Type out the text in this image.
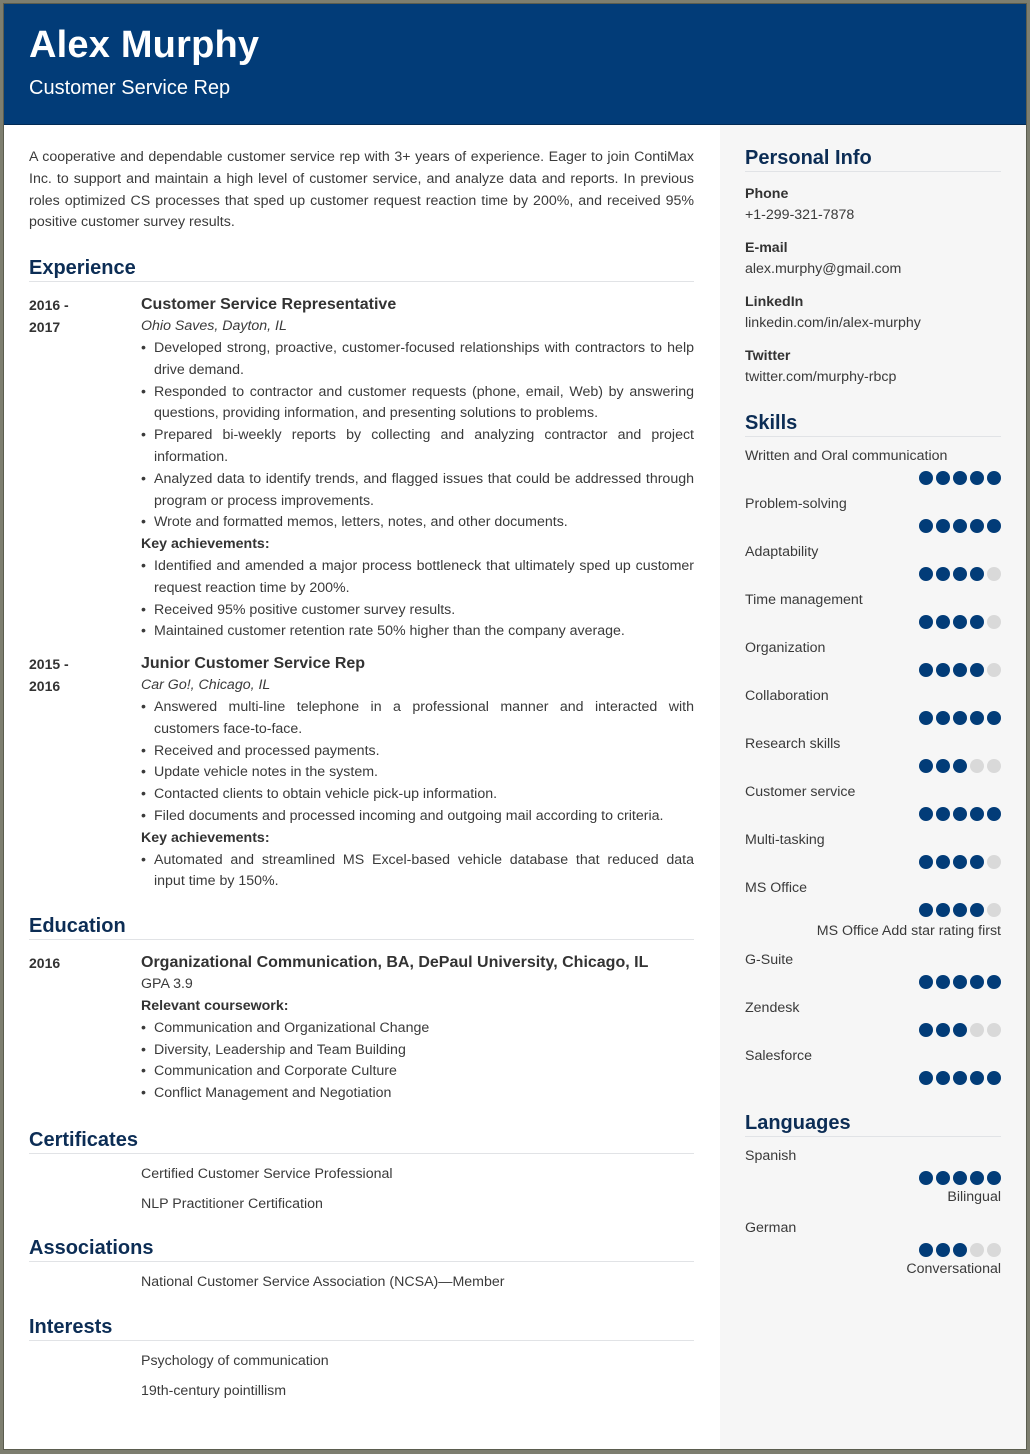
Alex Murphy
Customer Service Rep

A cooperative and dependable customer service rep with 3+ years of experience. Eager to join ContiMax Inc. to support and maintain a high level of customer service, and analyze data and reports. In previous roles optimized CS processes that sped up customer request reaction time by 200%, and received 95% positive customer survey results.

Experience
2016 -
2017
Customer Service Representative
Ohio Saves, Dayton, IL
• Developed strong, proactive, customer-focused relationships with contractors to help drive demand.
• Responded to contractor and customer requests (phone, email, Web) by answering questions, providing information, and presenting solutions to problems.
• Prepared bi-weekly reports by collecting and analyzing contractor and project information.
• Analyzed data to identify trends, and flagged issues that could be addressed through program or process improvements.
• Wrote and formatted memos, letters, notes, and other documents.
Key achievements:
• Identified and amended a major process bottleneck that ultimately sped up customer request reaction time by 200%.
• Received 95% positive customer survey results.
• Maintained customer retention rate 50% higher than the company average.
2015 -
2016
Junior Customer Service Rep
Car Go!, Chicago, IL
• Answered multi-line telephone in a professional manner and interacted with customers face-to-face.
• Received and processed payments.
• Update vehicle notes in the system.
• Contacted clients to obtain vehicle pick-up information.
• Filed documents and processed incoming and outgoing mail according to criteria.
Key achievements:
• Automated and streamlined MS Excel-based vehicle database that reduced data input time by 150%.
Education
2016	Organizational Communication, BA, DePaul University, Chicago, IL
GPA 3.9
Relevant coursework:
• Communication and Organizational Change
• Diversity, Leadership and Team Building
• Communication and Corporate Culture
• Conflict Management and Negotiation
Certificates
Certified Customer Service Professional
NLP Practitioner Certification
Associations
National Customer Service Association (NCSA)—Member
Interests
Psychology of communication
19th-century pointillism
Personal Info
Phone
+1-299-321-7878
E-mail
alex.murphy@gmail.com
LinkedIn
linkedin.com/in/alex-murphy
Twitter
twitter.com/murphy-rbcp
Skills
Written and Oral communication
Problem-solving
Adaptability
Time management
Organization
Collaboration
Research skills
Customer service
Multi-tasking
MS Office
MS Office Add star rating first
G-Suite
Zendesk
Salesforce
Languages
Spanish
Bilingual
German
Conversational
